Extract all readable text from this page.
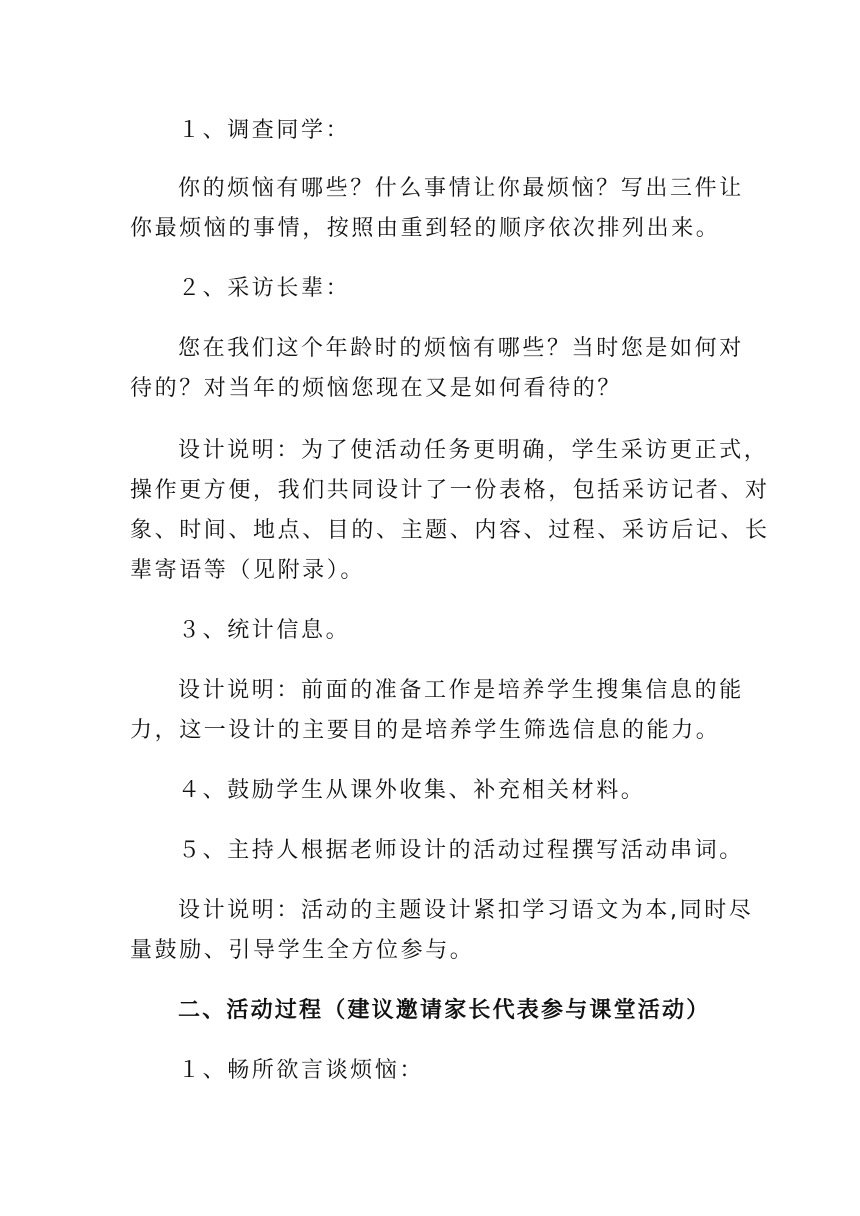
１、调查同学：
你的烦恼有哪些？什么事情让你最烦恼？写出三件让
你最烦恼的事情，按照由重到轻的顺序依次排列出来。
２、采访长辈：
您在我们这个年龄时的烦恼有哪些？当时您是如何对
待的？对当年的烦恼您现在又是如何看待的？
设计说明：为了使活动任务更明确，学生采访更正式，
操作更方便，我们共同设计了一份表格，包括采访记者、对
象、时间、地点、目的、主题、内容、过程、采访后记、长
辈寄语等（见附录）。
３、统计信息。
设计说明：前面的准备工作是培养学生搜集信息的能
力，这一设计的主要目的是培养学生筛选信息的能力。
４、鼓励学生从课外收集、补充相关材料。
５、主持人根据老师设计的活动过程撰写活动串词。
设计说明：活动的主题设计紧扣学习语文为本,同时尽
量鼓励、引导学生全方位参与。
二、活动过程（建议邀请家长代表参与课堂活动）
１、畅所欲言谈烦恼：
